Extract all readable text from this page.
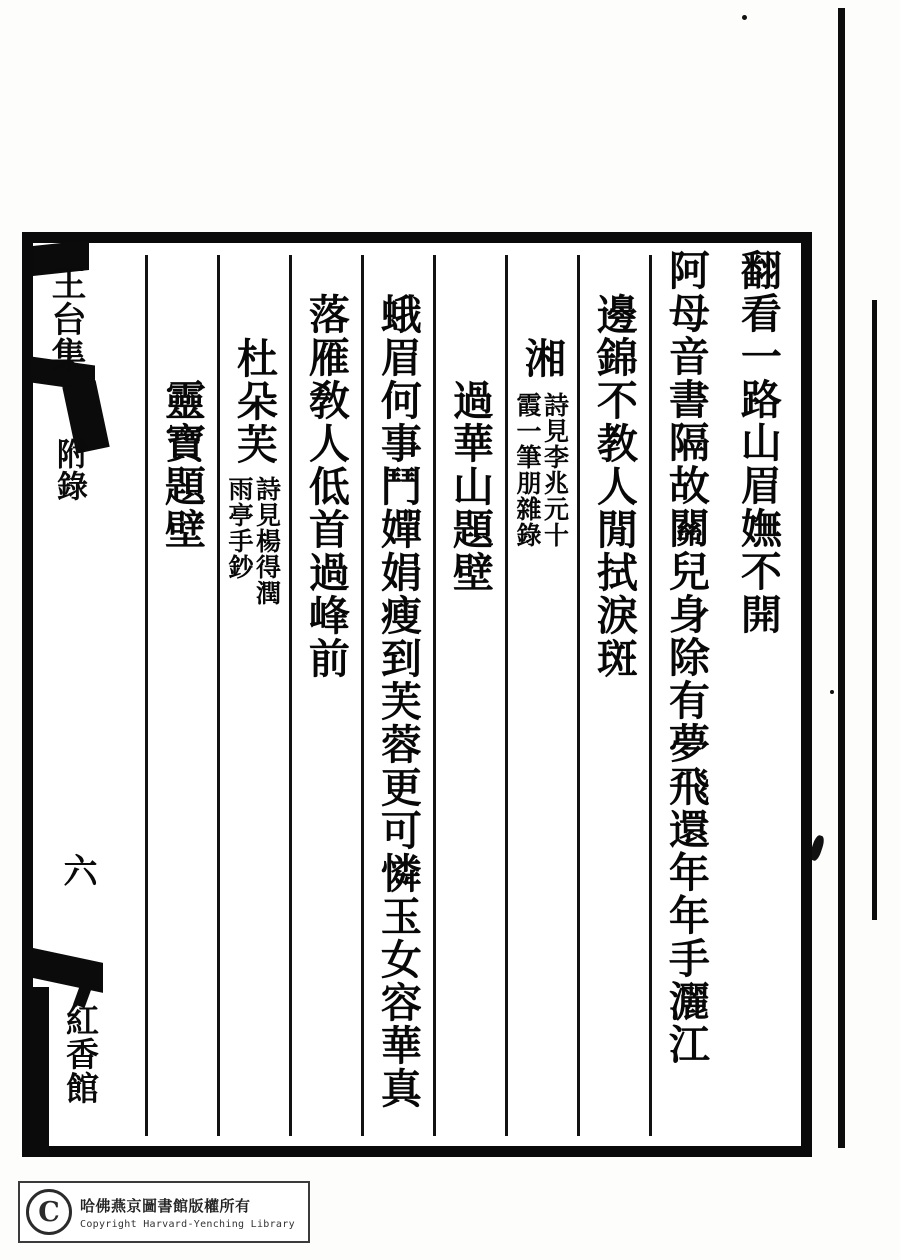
翻看一路山眉嫵不開
阿母音書隔故關兒身除有夢飛還年年手灑江
邊錦不教人閒拭淚斑
湘
詩見李兆元十
霞一筆朋雜錄
過華山題壁
蛾眉何事鬥嬋娟瘦到芙蓉更可憐玉女容華真
落雁敎人低首過峰前
杜朵芙
詩見楊得潤
雨亭手鈔
靈寶題壁
王台集
附錄
六
紅香館
C	哈佛燕京圖書館版權所有
Copyright Harvard-Yenching Library
